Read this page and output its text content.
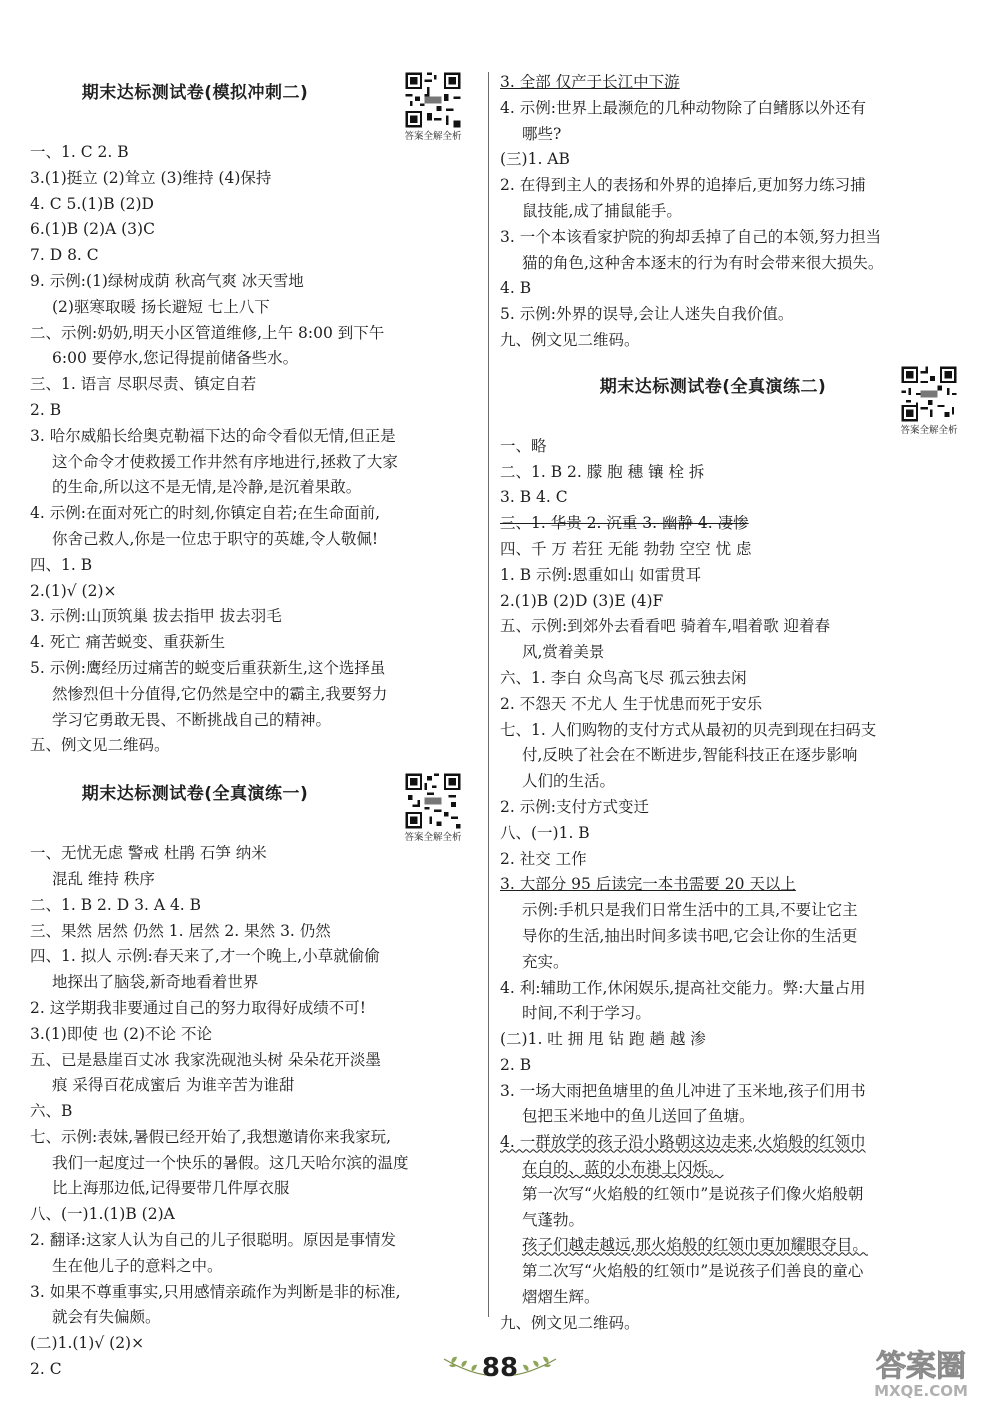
期末达标测试卷(模拟冲刺二)
答案全解全析
一、1. C 2. B
3.(1)挺立 (2)耸立 (3)维持 (4)保持
4. C 5.(1)B (2)D
6.(1)B (2)A (3)C
7. D 8. C
9. 示例:(1)绿树成荫 秋高气爽 冰天雪地
(2)驱寒取暖 扬长避短 七上八下
二、示例:奶奶,明天小区管道维修,上午 8:00 到下午
6:00 要停水,您记得提前储备些水。
三、1. 语言 尽职尽责、镇定自若
2. B
3. 哈尔威船长给奥克勒福下达的命令看似无情,但正是
这个命令才使救援工作井然有序地进行,拯救了大家
的生命,所以这不是无情,是冷静,是沉着果敢。
4. 示例:在面对死亡的时刻,你镇定自若;在生命面前,
你舍己救人,你是一位忠于职守的英雄,令人敬佩!
四、1. B
2.(1)√ (2)×
3. 示例:山顶筑巢 拔去指甲 拔去羽毛
4. 死亡 痛苦蜕变、重获新生
5. 示例:鹰经历过痛苦的蜕变后重获新生,这个选择虽
然惨烈但十分值得,它仍然是空中的霸主,我要努力
学习它勇敢无畏、不断挑战自己的精神。
五、例文见二维码。
期末达标测试卷(全真演练一)
答案全解全析
一、无忧无虑 警戒 杜鹃 石笋 纳米
混乱 维持 秩序
二、1. B 2. D 3. A 4. B
三、果然 居然 仍然 1. 居然 2. 果然 3. 仍然
四、1. 拟人 示例:春天来了,才一个晚上,小草就偷偷
地探出了脑袋,新奇地看着世界
2. 这学期我非要通过自己的努力取得好成绩不可!
3.(1)即使 也 (2)不论 不论
五、已是悬崖百丈冰 我家洗砚池头树 朵朵花开淡墨
痕 采得百花成蜜后 为谁辛苦为谁甜
六、B
七、示例:表妹,暑假已经开始了,我想邀请你来我家玩,
我们一起度过一个快乐的暑假。这几天哈尔滨的温度
比上海那边低,记得要带几件厚衣服
八、(一)1.(1)B (2)A
2. 翻译:这家人认为自己的儿子很聪明。原因是事情发
生在他儿子的意料之中。
3. 如果不尊重事实,只用感情亲疏作为判断是非的标准,
就会有失偏颇。
(二)1.(1)√ (2)×
2. C
3. 全部 仅产于长江中下游
4. 示例:世界上最濒危的几种动物除了白鳍豚以外还有
哪些?
(三)1. AB
2. 在得到主人的表扬和外界的追捧后,更加努力练习捕
鼠技能,成了捕鼠能手。
3. 一个本该看家护院的狗却丢掉了自己的本领,努力担当
猫的角色,这种舍本逐末的行为有时会带来很大损失。
4. B
5. 示例:外界的误导,会让人迷失自我价值。
九、例文见二维码。
期末达标测试卷(全真演练二)
答案全解全析
一、略
二、1. B 2. 朦 胞 穗 镶 栓 拆
3. B 4. C
三、1. 华贵 2. 沉重 3. 幽静 4. 凄惨
四、千 万 若狂 无能 勃勃 空空 忧 虑
1. B 示例:恩重如山 如雷贯耳
2.(1)B (2)D (3)E (4)F
五、示例:到郊外去看看吧 骑着车,唱着歌 迎着春
风,赏着美景
六、1. 李白 众鸟高飞尽 孤云独去闲
2. 不怨天 不尤人 生于忧患而死于安乐
七、1. 人们购物的支付方式从最初的贝壳到现在扫码支
付,反映了社会在不断进步,智能科技正在逐步影响
人们的生活。
2. 示例:支付方式变迁
八、(一)1. B
2. 社交 工作
3. 大部分 95 后读完一本书需要 20 天以上
示例:手机只是我们日常生活中的工具,不要让它主
导你的生活,抽出时间多读书吧,它会让你的生活更
充实。
4. 利:辅助工作,休闲娱乐,提高社交能力。弊:大量占用
时间,不利于学习。
(二)1. 吐 拥 甩 钻 跑 趟 越 渗
2. B
3. 一场大雨把鱼塘里的鱼儿冲进了玉米地,孩子们用书
包把玉米地中的鱼儿送回了鱼塘。
4. 一群放学的孩子沿小路朝这边走来,火焰般的红领巾
在白的、蓝的小布褂上闪烁。
第一次写“火焰般的红领巾”是说孩子们像火焰般朝
气蓬勃。
孩子们越走越远,那火焰般的红领巾更加耀眼夺目。
第二次写“火焰般的红领巾”是说孩子们善良的童心
熠熠生辉。
九、例文见二维码。
88	答案圈
MXQE.COM
